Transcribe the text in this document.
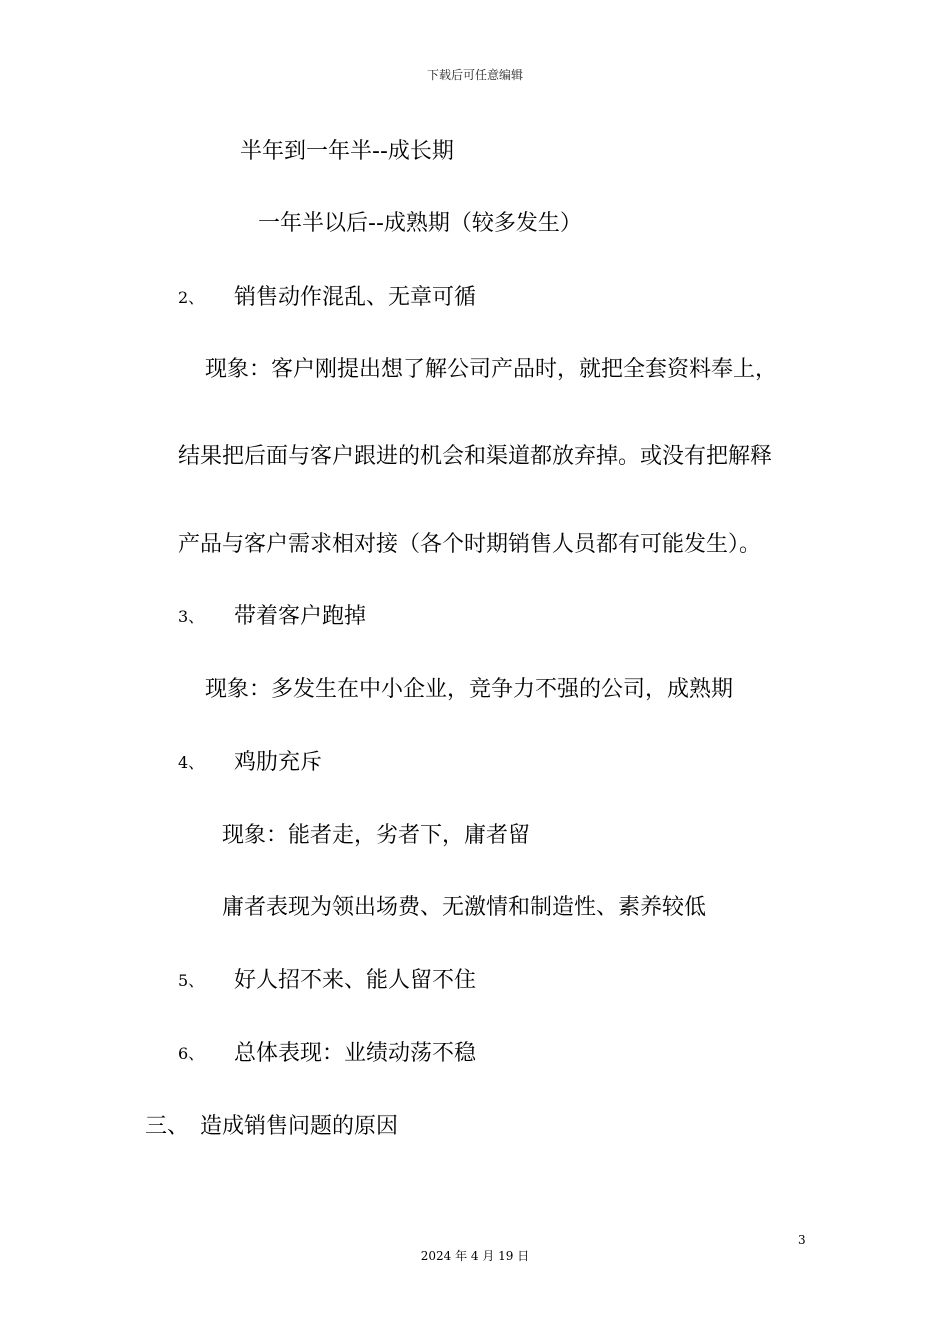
下载后可任意编辑
半年到一年半--成长期
一年半以后--成熟期（较多发生）
2、 销售动作混乱、无章可循
现象：客户刚提出想了解公司产品时，就把全套资料奉上，
结果把后面与客户跟进的机会和渠道都放弃掉。或没有把解释
产品与客户需求相对接（各个时期销售人员都有可能发生）。
3、 带着客户跑掉
现象：多发生在中小企业，竞争力不强的公司，成熟期
4、 鸡肋充斥
现象：能者走，劣者下，庸者留
庸者表现为领出场费、无激情和制造性、素养较低
5、 好人招不来、能人留不住
6、 总体表现：业绩动荡不稳
三、 造成销售问题的原因
3
2024 年 4 月 19 日
